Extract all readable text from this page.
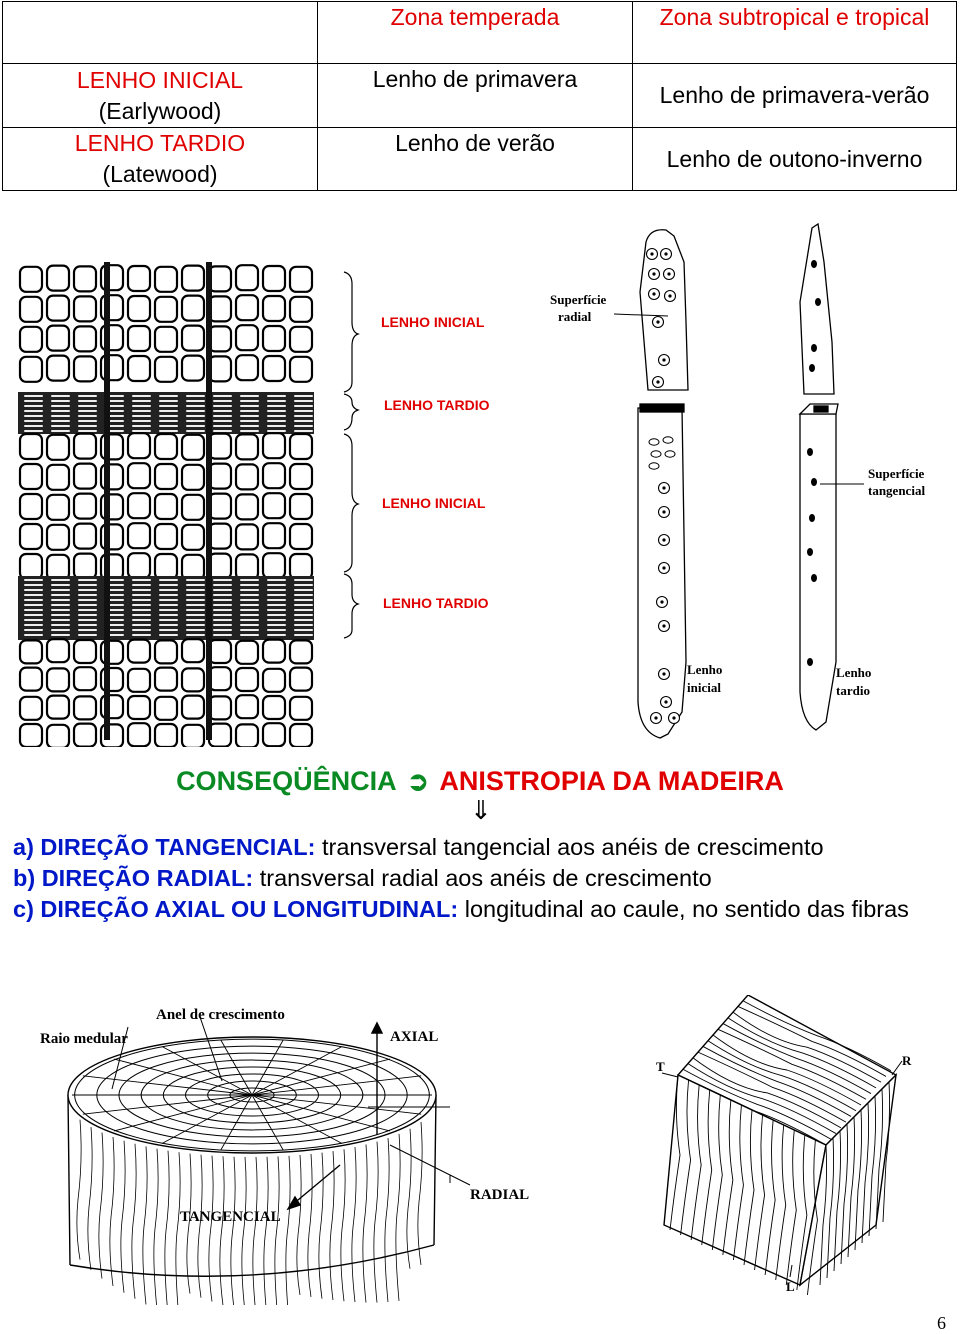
	Zona temperada	Zona subtropical e tropical

LENHO INICIAL
(Earlywood)	Lenho de primavera	Lenho de primavera-verão

LENHO TARDIO
(Latewood)	Lenho de verão	Lenho de outono-inverno
LENHO INICIAL
LENHO TARDIO
LENHO INICIAL
LENHO TARDIO
Superfície
radial
Superfície
tangencial
Lenho
inicial
Lenho
tardio
CONSEQÜÊNCIA ➲ ANISTROPIA DA MADEIRA
⇓
a) DIREÇÃO TANGENCIAL: transversal tangencial aos anéis de crescimento
b) DIREÇÃO RADIAL: transversal radial aos anéis de crescimento
c) DIREÇÃO AXIAL OU LONGITUDINAL: longitudinal ao caule, no sentido das fibras
Anel de crescimento
Raio medular	AXIAL
RADIAL
TANGENCIAL
T	R
L
6
